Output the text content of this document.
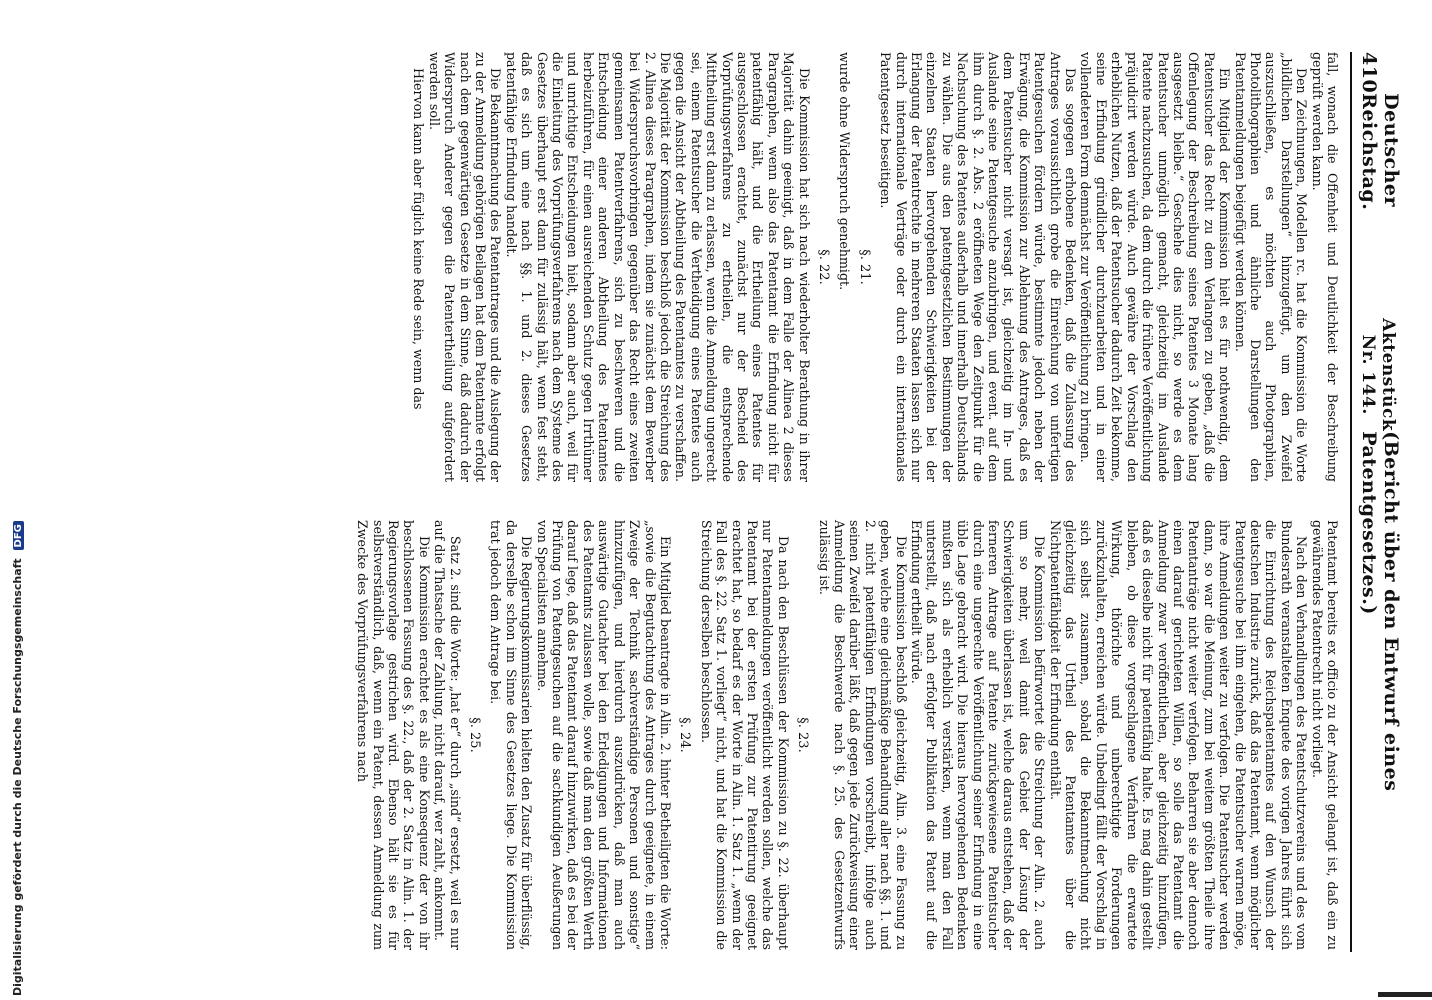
410
Deutscher Reichstag.
Aktenstück Nr. 144.
(Bericht über den Entwurf eines Patentgesetzes.)

fall, wonach die Offenheit und Deutlichkeit der Beschreibung geprüft werden kann.

Den Zeichnungen, Modellen rc. hat die Kommission die Worte „bildlichen Darstellungen“ hinzugefügt, um den Zweifel auszuschließen, es möchten auch Photographien, Photolithographien und ähnliche Darstellungen den Patentanmeldungen beigefügt werden können.

Ein Mitglied der Kommission hielt es für nothwendig, dem Patentsucher das Recht zu dem Verlangen zu geben, „daß die Offenlegung der Beschreibung seines Patentes 3 Monate lang ausgesetzt bleibe.“ Geschehe dies nicht, so werde es dem Patentsucher unmöglich gemacht, gleichzeitig im Auslande Patente nachzusuchen, da dem durch die frühere Veröffentlichung präjudicirt werden würde. Auch gewähre der Vorschlag den erheblichen Nutzen, daß der Patentsucher dadurch Zeit bekomme, seine Erfindung gründlicher durchzuarbeiten und in einer vollendeteren Form demnächst zur Veröffentlichung zu bringen.

Das sogegen erhobene Bedenken, daß die Zulassung des Antrages voraussichtlich grobe die Einreichung von unfertigen Patentgesuchen fördern würde, bestimmte jedoch neben der Erwägung, die Kommission zur Ablehnung des Antrages, daß es dem Patentsucher nicht versagt ist, gleichzeitig im In- und Auslande seine Patentgesuche anzubringen, und event. auf dem ihm durch §. 2. Abs. 2 eröffneten Wege den Zeitpunkt für die Nachsuchung des Patentes außerhalb und innerhalb Deutschlands zu wählen. Die aus den patentgesetzlichen Bestimmungen der einzelnen Staaten hervorgehenden Schwierigkeiten bei der Erlangung der Patentrechte in mehreren Staaten lassen sich nur durch internationale Verträge oder durch ein internationales Patentgesetz beseitigen.

§. 21.

wurde ohne Widerspruch genehmigt.

§. 22.

Die Kommission hat sich nach wiederholter Berathung in ihrer Majorität dahin geeinigt, daß in dem Falle der Alinea 2 dieses Paragraphen, wenn also das Patentamt die Erfindung nicht für patentfähig hält, und die Ertheilung eines Patentes für ausgeschlossen erachtet, zunächst nur der Bescheid des Vorprüfungsverfahrens zu ertheilen, die entsprechende Mittheilung erst dann zu erlassen, wenn die Anmeldung ungerecht sei, einem Patentsucher die Vertheidigung eines Patentes auch gegen die Ansicht der Abtheilung des Patentamtes zu verschaffen. Die Majorität der Kommission beschloß jedoch die Streichung des 2. Alinea dieses Paragraphen, indem sie zunächst dem Bewerber bei Widerspruchsvorbringen gegenüber das Recht eines zweiten gemeinsamen Patentverfahrens, sich zu beschweren und die Entscheidung einer anderen Abtheilung des Patentamtes herbeizuführen, für einen ausreichenden Schutz gegen Irrthümer und unrichtige Entscheidungen hielt, sodann aber auch, weil für die Einleitung des Vorprüfungsverfahrens nach dem Systeme des Gesetzes überhaupt erst dann für zulässig hält, wenn fest steht, daß es sich um eine nach §§. 1. und 2. dieses Gesetzes patentfähige Erfindung handelt.

Die Bekanntmachung des Patentantrages und die Auslegung der zu der Anmeldung gehörigen Beilagen hat dem Patentamte erfolgt nach dem gegenwärtigen Gesetze in dem Sinne, daß dadurch der Widerspruch Anderer gegen die Patentertheilung aufgefordert werden soll.

Hiervon kann aber füglich keine Rede sein, wenn das

Patentamt bereits ex officio zu der Ansicht gelangt ist, daß ein zu gewährendes Patentrecht nicht vorliegt.

Nach den Verhandlungen des Patentschutzvereins und des vom Bundesrath veranstalteten Enquete des vorigen Jahres führt sich die Einrichtung des Reichspatentamtes auf den Wunsch der deutschen Industrie zurück, daß das Patentamt, wenn möglicher Patentgesuche bei ihm eingehen, die Patentsucher warnen möge, ihre Anmeldungen weiter zu verfolgen. Die Patentsucher werden dann, so war die Meinung, zum bei weitem größten Theile ihre Patentanträge nicht weiter verfolgen. Beharren sie aber dennoch einen darauf gerichteten Willen, so solle das Patentamt die Anmeldung zwar veröffentlichen, aber gleichzeitig hinzufügen, daß es dieselbe nicht für patentfähig halte. Es mag dahin gestellt bleiben, ob diese vorgeschlagene Verfahren die erwartete Wirkung, thörichte und unberechtigte Forderungen zurückzuhalten, erreichen würde. Unbedingt fällt der Vorschlag in sich selbst zusammen, sobald die Bekanntmachung nicht gleichzeitig das Urtheil des Patentamtes über die Nichtpatentfähigkeit der Erfindung enthält.

Die Kommission befürwortet die Streichung der Alin. 2. auch um so mehr, weil damit das Gebiet der Lösung der Schwierigkeiten überlassen ist, welche daraus entstehen, daß der ferneren Antrage auf Patente zurückgewiesene Patentsucher durch eine ungerechte Veröffentlichung seiner Erfindung in eine üble Lage gebracht wird. Die hieraus hervorgehenden Bedenken mußten sich als erheblich verstärken, wenn man den Fall unterstellt, daß nach erfolgter Publikation das Patent auf die Erfindung ertheilt würde.

Die Kommission beschloß gleichzeitig, Alin. 3. eine Fassung zu geben, welche eine gleichmäßige Behandlung aller nach §§. 1. und 2. nicht patentfähigen Erfindungen vorschreibt, infolge auch seinen Zweifel darüber läßt, daß gegen jede Zurückweisung einer Anmeldung die Beschwerde nach §. 25. des Gesetzentwurfs zulässig ist.

§. 23.

Da nach den Beschlüssen der Kommission zu §. 22. überhaupt nur Patentanmeldungen veröffentlicht werden sollen, welche das Patentamt bei der ersten Prüfung zur Patentirung geeignet erachtet hat, so bedarf es der Worte in Alin. 1. Satz 1. „wenn der Fall des §. 22. Satz 1. vorliegt“ nicht, und hat die Kommission die Streichung derselben beschlossen.

§. 24.

Ein Mitglied beantragte in Alin. 2. hinter Betheiligten die Worte: „sowie die Begutachtung des Antrages durch geeignete, in einem Zweige der Technik sachverständige Personen und sonstige“ hinzuzufügen, und hierdurch auszudrücken, daß man auch auswärtige Gutachter bei den Erledigungen und Informationen des Patentamts zulassen wolle, sowie daß man den größten Werth darauf lege, daß das Patentamt darauf hinzuwirken, daß es bei der Prüfung von Patentgesuchen auf die sachkundigen Aeußerungen von Specialisten annehme.

Die Regierungskommissarien hielten den Zusatz für überflüssig, da derselbe schon im Sinne des Gesetzes liege. Die Kommission trat jedoch dem Antrage bei.

§. 25.

Satz 2. sind die Worte: „hat er“ durch „sind“ ersetzt, weil es nur auf die Thatsache der Zahlung, nicht darauf, wer zahlt, ankommt.

Die Kommission erachtet es als eine Konsequenz der von ihr beschlossenen Fassung des §. 22., daß der 2. Satz in Alin. 1. der Regierungsvorlage gestrichen wird. Ebenso hält sie es für selbstverständlich, daß, wenn ein Patent, dessen Anmeldung zum Zwecke des Vorprüfungsverfahrens nach

Digitalisierung gefördert durch die Deutsche Forschungsgemeinschaft DFG
